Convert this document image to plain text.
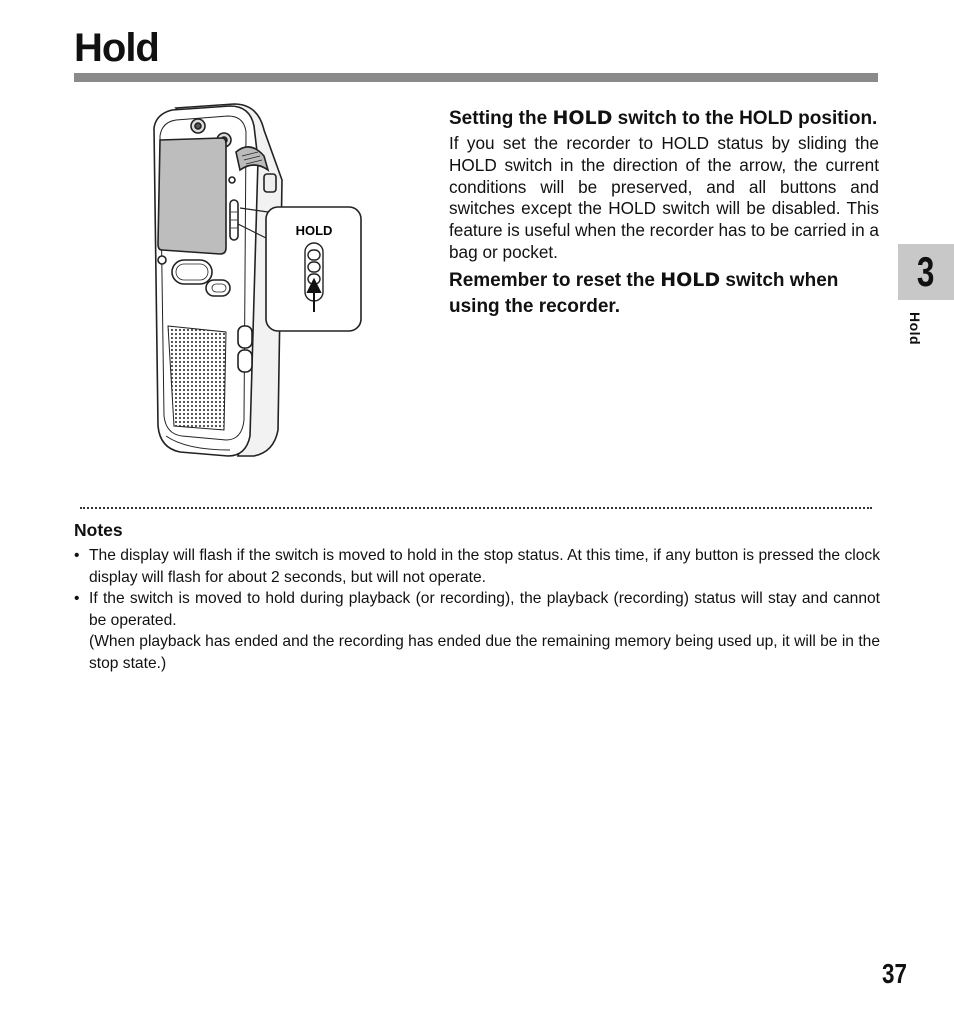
Hold
HOLD

Setting the HOLD switch to the HOLD position.

If you set the recorder to HOLD status by sliding the HOLD switch in the direction of the arrow, the current conditions will be preserved, and all buttons and switches except the HOLD switch will be disabled. This feature is useful when the recorder has to be carried in a bag or pocket.

Remember to reset the HOLD switch when using the recorder.

Notes
• The display will flash if the switch is moved to hold in the stop status. At this time, if any button is pressed the clock display will flash for about 2 seconds, but will not operate.
• If the switch is moved to hold during playback (or recording), the playback (recording) status will stay and cannot be operated.
(When playback has ended and the recording has ended due the remaining memory being used up, it will be in the stop state.)
3
Hold
37
